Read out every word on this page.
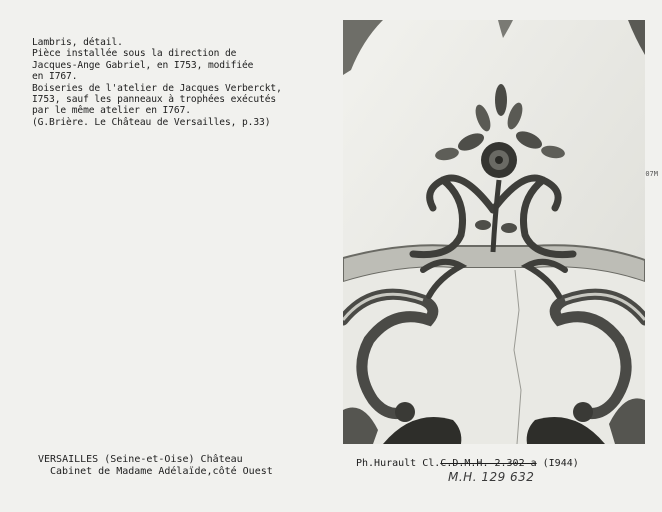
Lambris, détail.
Pièce installée sous la direction de
Jacques-Ange Gabriel, en I753, modifiée
en I767.
Boiseries de l'atelier de Jacques Verberckt,
I753, sauf les panneaux à trophées exécutés
par le même atelier en I767.
(G.Brière. Le Château de Versailles, p.33)
07M
VERSAILLES (Seine-et-Oise) Château
Cabinet de Madame Adélaïde,côté Ouest
Ph.Hurault Cl.C.D.M.H. 2.302 a (I944)
M.H. 129 632
